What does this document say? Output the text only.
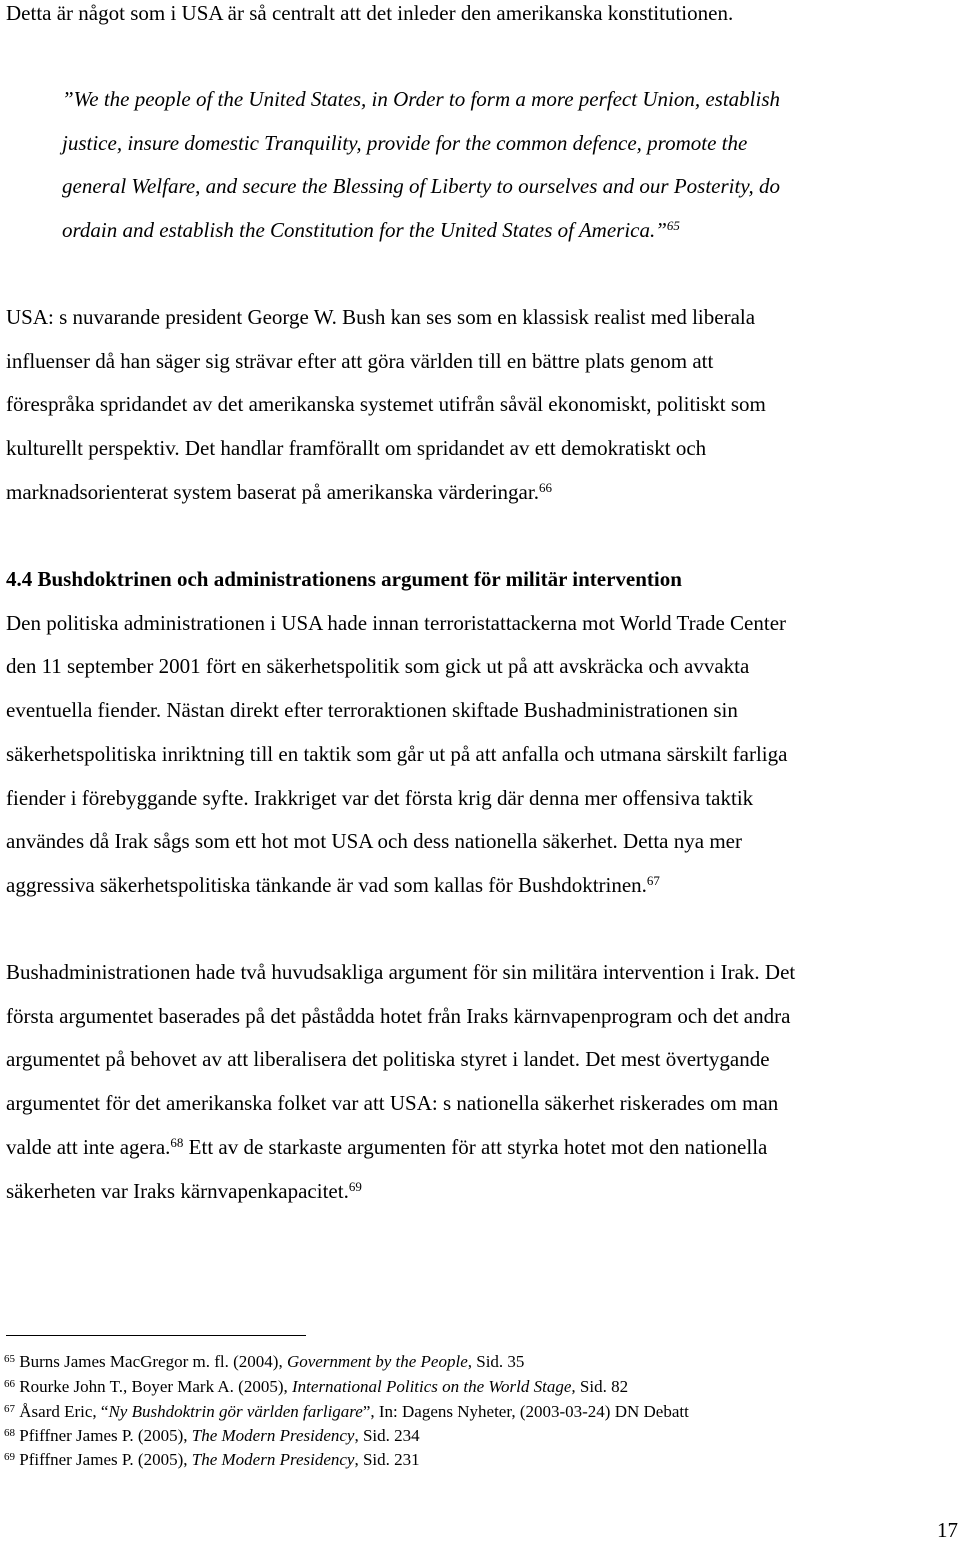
Detta är något som i USA är så centralt att det inleder den amerikanska konstitutionen.
”We the people of the United States, in Order to form a more perfect Union, establish
justice, insure domestic Tranquility, provide for the common defence, promote the
general Welfare, and secure the Blessing of Liberty to ourselves and our Posterity, do
ordain and establish the Constitution for the United States of America.”$^{65}$
USA: s nuvarande president George W. Bush kan ses som en klassisk realist med liberala
influenser då han säger sig strävar efter att göra världen till en bättre plats genom att
förespråka spridandet av det amerikanska systemet utifrån såväl ekonomiskt, politiskt som
kulturellt perspektiv. Det handlar framförallt om spridandet av ett demokratiskt och
marknadsorienterat system baserat på amerikanska värderingar.$^{66}$
4.4 Bushdoktrinen och administrationens argument för militär intervention
Den politiska administrationen i USA hade innan terroristattackerna mot World Trade Center
den 11 september 2001 fört en säkerhetspolitik som gick ut på att avskräcka och avvakta
eventuella fiender. Nästan direkt efter terroraktionen skiftade Bushadministrationen sin
säkerhetspolitiska inriktning till en taktik som går ut på att anfalla och utmana särskilt farliga
fiender i förebyggande syfte. Irakkriget var det första krig där denna mer offensiva taktik
användes då Irak sågs som ett hot mot USA och dess nationella säkerhet. Detta nya mer
aggressiva säkerhetspolitiska tänkande är vad som kallas för Bushdoktrinen.$^{67}$
Bushadministrationen hade två huvudsakliga argument för sin militära intervention i Irak. Det
första argumentet baserades på det påstådda hotet från Iraks kärnvapenprogram och det andra
argumentet på behovet av att liberalisera det politiska styret i landet. Det mest övertygande
argumentet för det amerikanska folket var att USA: s nationella säkerhet riskerades om man
valde att inte agera.$^{68}$ Ett av de starkaste argumenten för att styrka hotet mot den nationella
säkerheten var Iraks kärnvapenkapacitet.$^{69}$
$^{65}$ Burns James MacGregor m. fl. (2004), Government by the People, Sid. 35
$^{66}$ Rourke John T., Boyer Mark A. (2005), International Politics on the World Stage, Sid. 82
$^{67}$ Åsard Eric, “Ny Bushdoktrin gör världen farligare”, In: Dagens Nyheter, (2003-03-24) DN Debatt
$^{68}$ Pfiffner James P. (2005), The Modern Presidency, Sid. 234
$^{69}$ Pfiffner James P. (2005), The Modern Presidency, Sid. 231
17
